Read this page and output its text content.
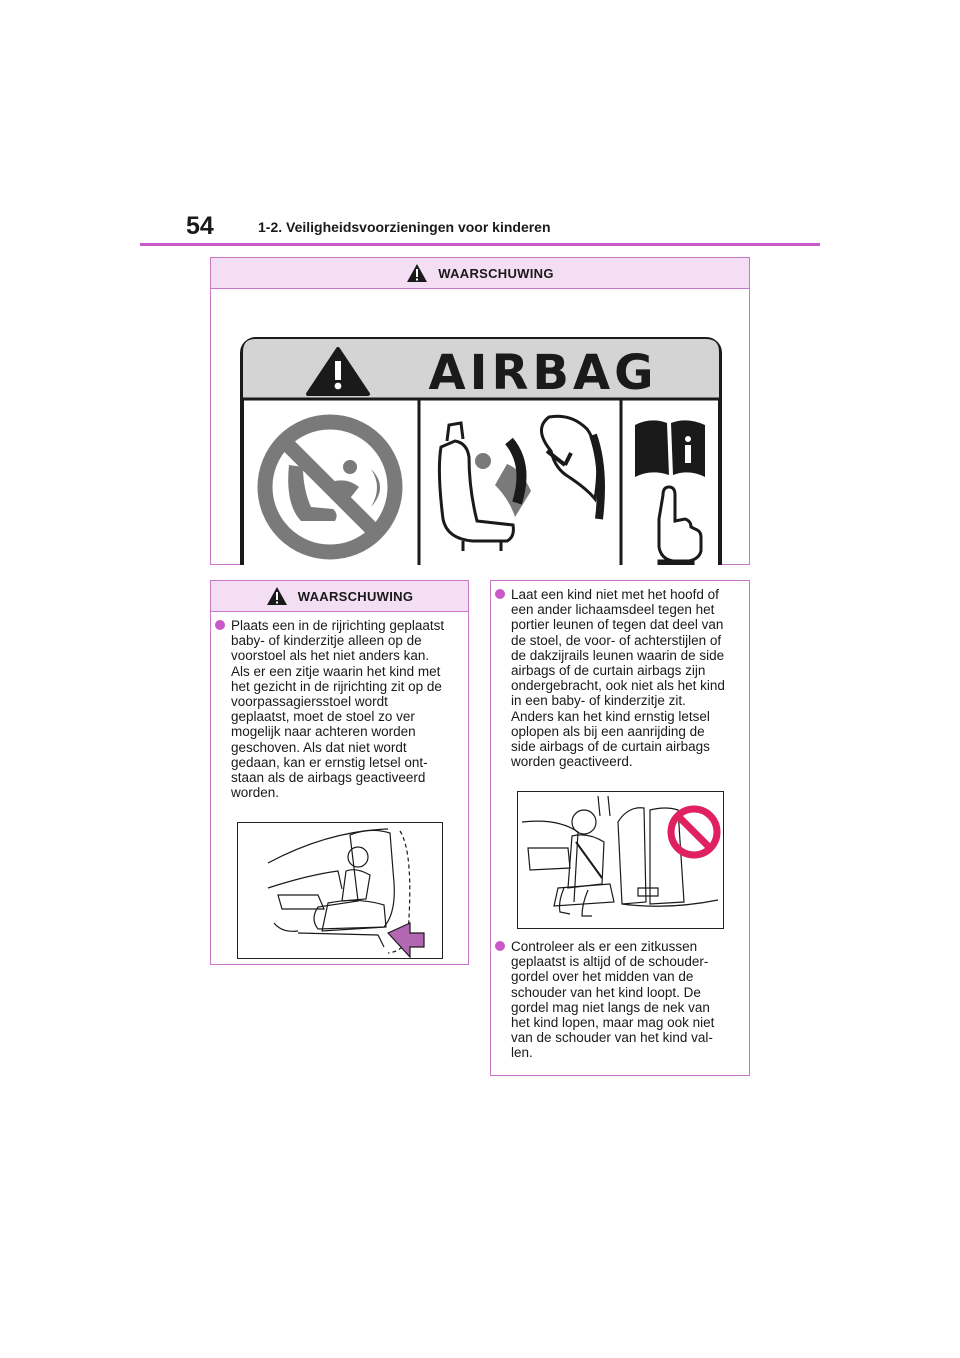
54	1-2. Veiligheidsvoorzieningen voor kinderen
WAARSCHUWING
AIRBAG
WAARSCHUWING

Plaats een in de rijrichting geplaatst
baby- of kinderzitje alleen op de
voorstoel als het niet anders kan.
Als er een zitje waarin het kind met
het gezicht in de rijrichting zit op de
voorpassagiersstoel wordt
geplaatst, moet de stoel zo ver
mogelijk naar achteren worden
geschoven. Als dat niet wordt
gedaan, kan er ernstig letsel ont-
staan als de airbags geactiveerd
worden.

Laat een kind niet met het hoofd of
een ander lichaamsdeel tegen het
portier leunen of tegen dat deel van
de stoel, de voor- of achterstijlen of
de dakzijrails leunen waarin de side
airbags of de curtain airbags zijn
ondergebracht, ook niet als het kind
in een baby- of kinderzitje zit.
Anders kan het kind ernstig letsel
oplopen als bij een aanrijding de
side airbags of de curtain airbags
worden geactiveerd.

Controleer als er een zitkussen
geplaatst is altijd of de schouder-
gordel over het midden van de
schouder van het kind loopt. De
gordel mag niet langs de nek van
het kind lopen, maar mag ook niet
van de schouder van het kind val-
len.
